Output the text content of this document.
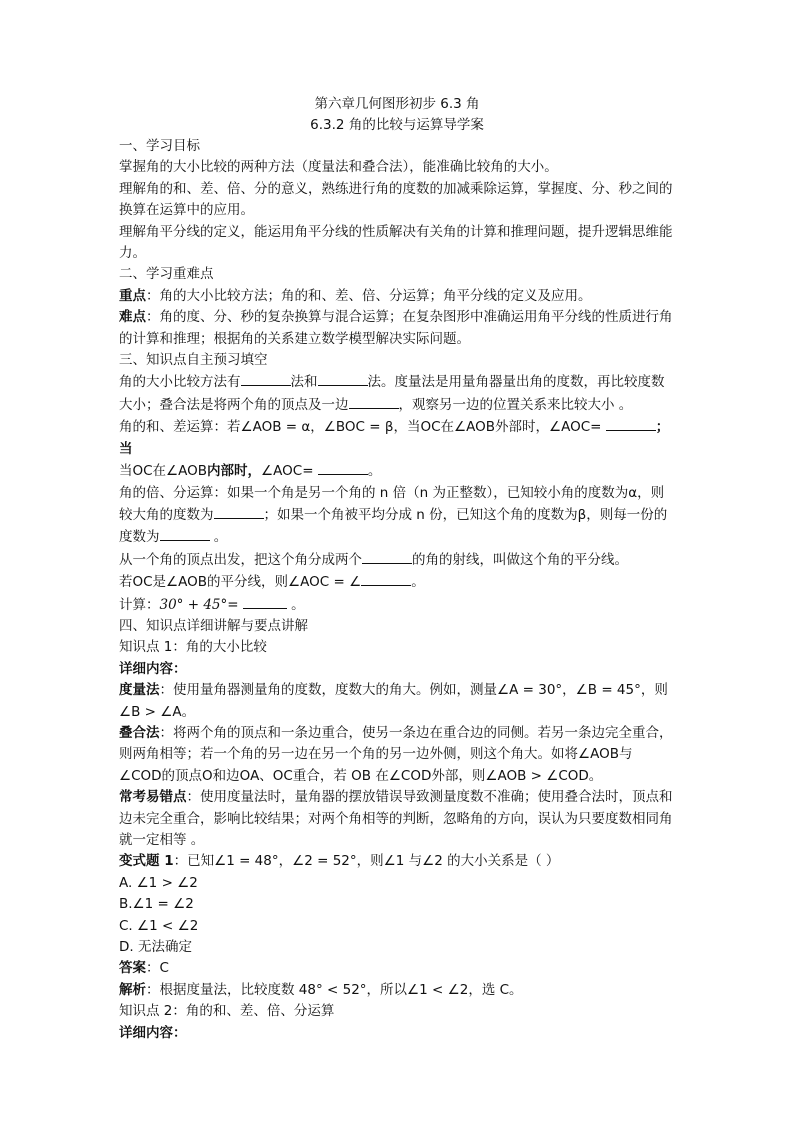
第六章几何图形初步 6.3 角
6.3.2 角的比较与运算导学案

一、学习目标

掌握角的大小比较的两种方法（度量法和叠合法），能准确比较角的大小。

理解角的和、差、倍、分的意义，熟练进行角的度数的加减乘除运算，掌握度、分、秒之间的换算在运算中的应用。

理解角平分线的定义，能运用角平分线的性质解决有关角的计算和推理问题，提升逻辑思维能力。

二、学习重难点

重点：角的大小比较方法；角的和、差、倍、分运算；角平分线的定义及应用。

难点：角的度、分、秒的复杂换算与混合运算；在复杂图形中准确运用角平分线的性质进行角的计算和推理；根据角的关系建立数学模型解决实际问题。

三、知识点自主预习填空

角的大小比较方法有	法和	法。度量法是用量角器量出角的度数，再比较度数大小；叠合法是将两个角的顶点及一边	，观察另一边的位置关系来比较大小 。

角的和、差运算：若∠AOB = α，∠BOC = β，当OC在∠AOB外部时，∠AOC=	；当
当OC在∠AOB内部时，∠AOC=	。

角的倍、分运算：如果一个角是另一个角的 n 倍（n 为正整数），已知较小角的度数为α，则较大角的度数为	；如果一个角被平均分成 n 份，已知这个角的度数为β，则每一份的度数为	。

从一个角的顶点出发，把这个角分成两个	的角的射线，叫做这个角的平分线。

若OC是∠AOB的平分线，则∠AOC = ∠	。

计算：30° + 45°=	。

四、知识点详细讲解与要点讲解

知识点 1：角的大小比较

详细内容：

度量法：使用量角器测量角的度数，度数大的角大。例如，测量∠A = 30°，∠B = 45°，则∠B > ∠A。

叠合法：将两个角的顶点和一条边重合，使另一条边在重合边的同侧。若另一条边完全重合，则两角相等；若一个角的另一边在另一个角的另一边外侧，则这个角大。如将∠AOB与∠COD的顶点O和边OA、OC重合，若 OB 在∠COD外部，则∠AOB > ∠COD。

常考易错点：使用度量法时，量角器的摆放错误导致测量度数不准确；使用叠合法时，顶点和边未完全重合，影响比较结果；对两个角相等的判断，忽略角的方向，误认为只要度数相同角就一定相等 。

变式题 1：已知∠1 = 48°，∠2 = 52°，则∠1 与∠2 的大小关系是（ ）

A. ∠1 > ∠2

B.∠1 = ∠2

C. ∠1 < ∠2

D. 无法确定

答案：C

解析：根据度量法，比较度数 48° < 52°，所以∠1 < ∠2，选 C。

知识点 2：角的和、差、倍、分运算

详细内容：
